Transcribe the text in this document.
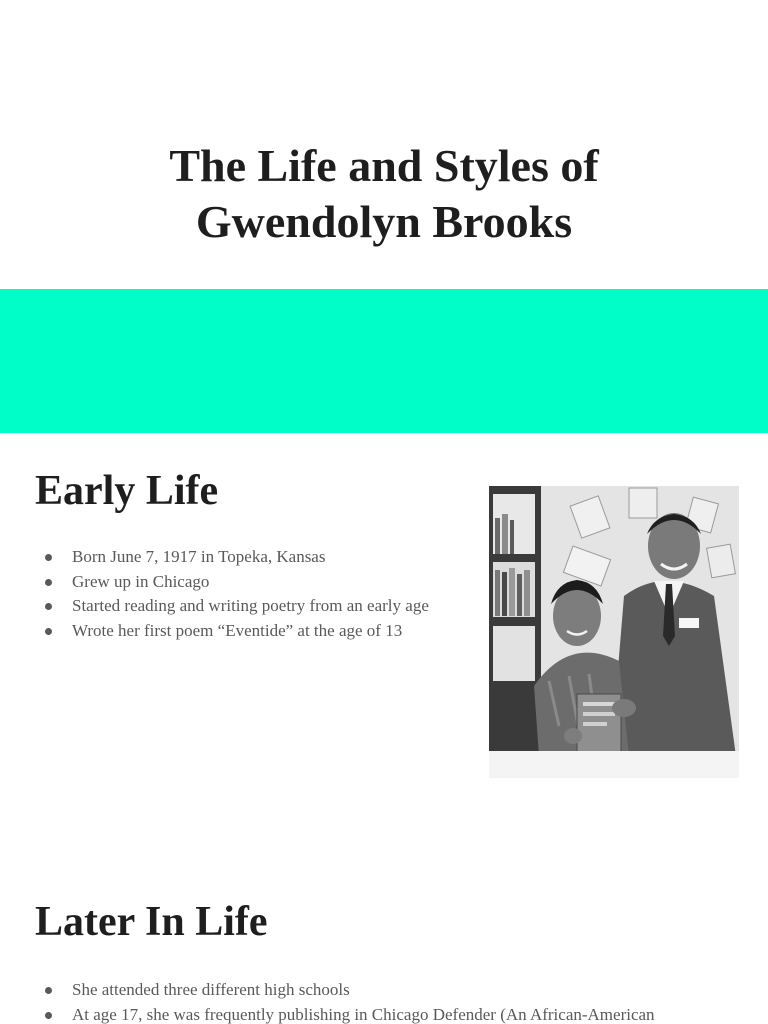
The Life and Styles of
Gwendolyn Brooks
Early Life
Born June 7, 1917 in Topeka, Kansas
Grew up in Chicago
Started reading and writing poetry from an early age
Wrote her first poem “Eventide” at the age of 13
Later In Life
She attended three different high schools
At age 17, she was frequently publishing in Chicago Defender (An African-American
